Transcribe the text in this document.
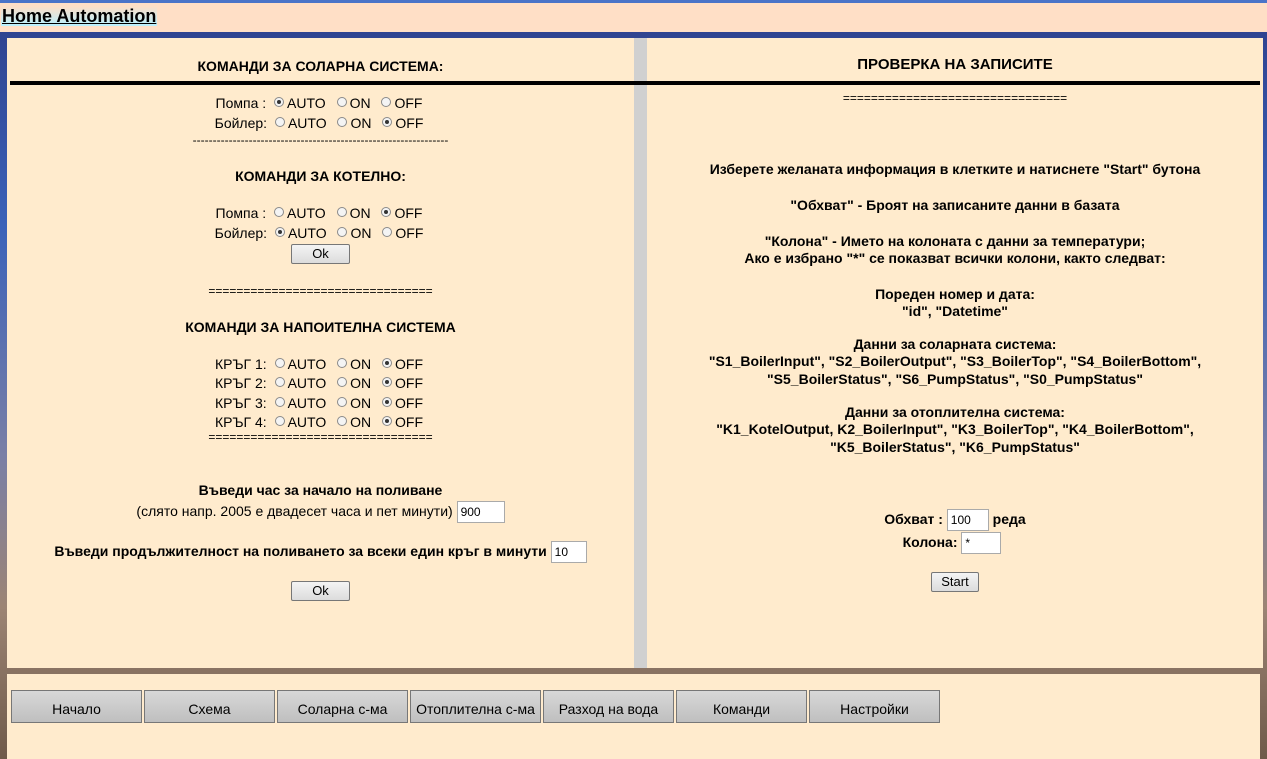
Home Automation
КОМАНДИ ЗА СОЛАРНА СИСТЕМА:
Помпа : AUTO ON OFF
Бойлер: AUTO ON OFF
----------------------------------------------------------------
КОМАНДИ ЗА КОТЕЛНО:
Помпа : AUTO ON OFF
Бойлер: AUTO ON OFF
Ok
================================
КОМАНДИ ЗА НАПОИТЕЛНА СИСТЕМА
КРЪГ 1: AUTO ON OFF
КРЪГ 2: AUTO ON OFF
КРЪГ 3: AUTO ON OFF
КРЪГ 4: AUTO ON OFF
================================
Въведи час за начало на поливане
(слято напр. 2005 е двадесет часа и пет минути) 900
Въведи продължителност на поливането за всеки един кръг в минути 10
Ok
ПРОВЕРКА НА ЗАПИСИТЕ
================================
Изберете желаната информация в клетките и натиснете "Start" бутона
"Обхват" - Броят на записаните данни в базата
"Колона" - Името на колоната с данни за температури;
Ако е избрано "*" се показват всички колони, както следват:
Пореден номер и дата:
"id", "Datetime"
Данни за соларната система:
"S1_BoilerInput", "S2_BoilerOutput", "S3_BoilerTop", "S4_BoilerBottom",
"S5_BoilerStatus", "S6_PumpStatus", "S0_PumpStatus"
Данни за отоплителна система:
"K1_KotelOutput, K2_BoilerInput", "K3_BoilerTop", "K4_BoilerBottom",
"K5_BoilerStatus", "K6_PumpStatus"
Обхват : 100 реда
Колона: *
Start
Начало	Схема	Соларна с-ма	Отоплителна с-ма	Разход на вода	Команди	Настройки
